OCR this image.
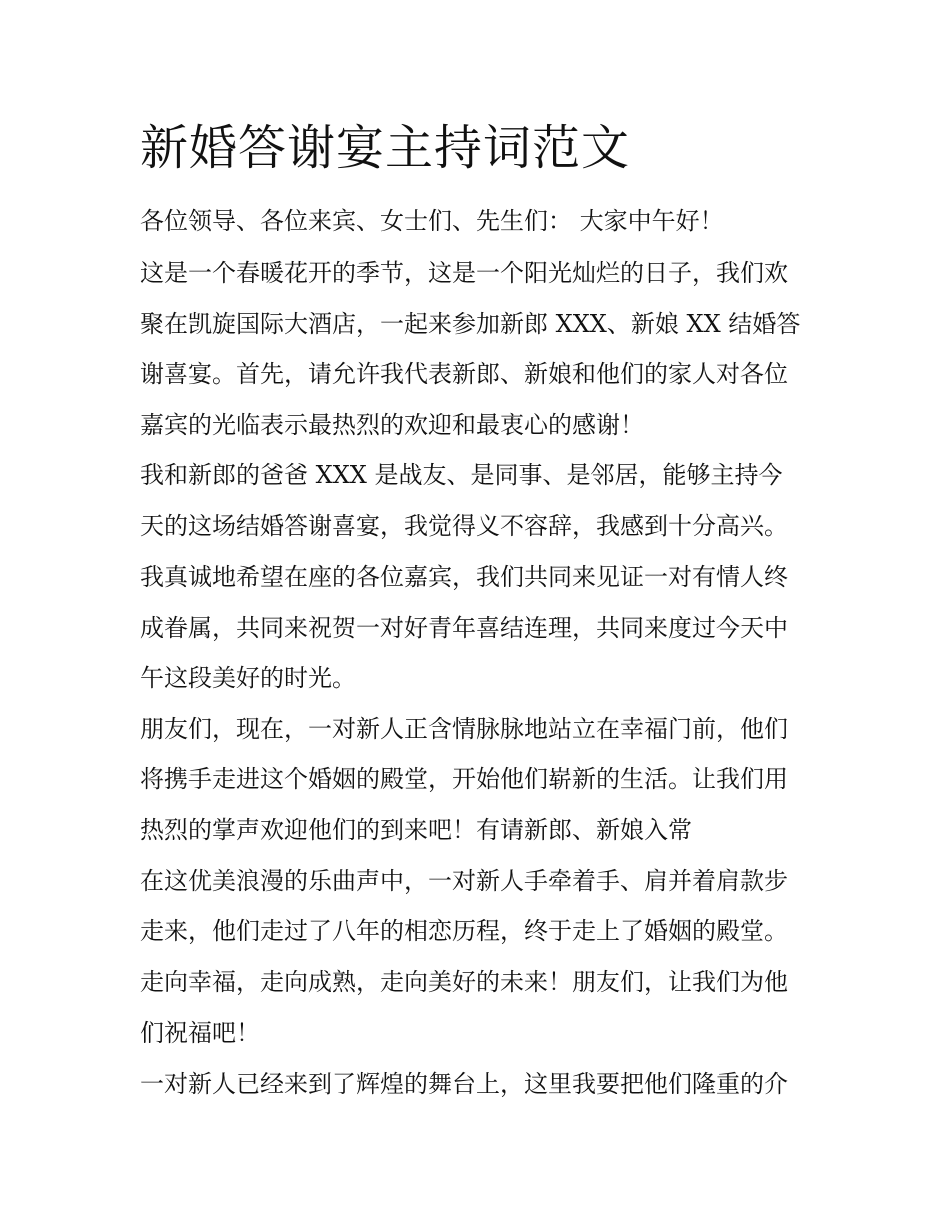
新婚答谢宴主持词范文

各位领导、各位来宾、女士们、先生们： 大家中午好！

这是一个春暖花开的季节，这是一个阳光灿烂的日子，我们欢

聚在凯旋国际大酒店，一起来参加新郎 XXX、新娘 XX 结婚答

谢喜宴。首先，请允许我代表新郎、新娘和他们的家人对各位

嘉宾的光临表示最热烈的欢迎和最衷心的感谢！

我和新郎的爸爸 XXX 是战友、是同事、是邻居，能够主持今

天的这场结婚答谢喜宴，我觉得义不容辞，我感到十分高兴。

我真诚地希望在座的各位嘉宾，我们共同来见证一对有情人终

成眷属，共同来祝贺一对好青年喜结连理，共同来度过今天中

午这段美好的时光。

朋友们，现在，一对新人正含情脉脉地站立在幸福门前，他们

将携手走进这个婚姻的殿堂，开始他们崭新的生活。让我们用

热烈的掌声欢迎他们的到来吧！有请新郎、新娘入常

在这优美浪漫的乐曲声中，一对新人手牵着手、肩并着肩款步

走来，他们走过了八年的相恋历程，终于走上了婚姻的殿堂。

走向幸福，走向成熟，走向美好的未来！朋友们，让我们为他

们祝福吧！

一对新人已经来到了辉煌的舞台上，这里我要把他们隆重的介
